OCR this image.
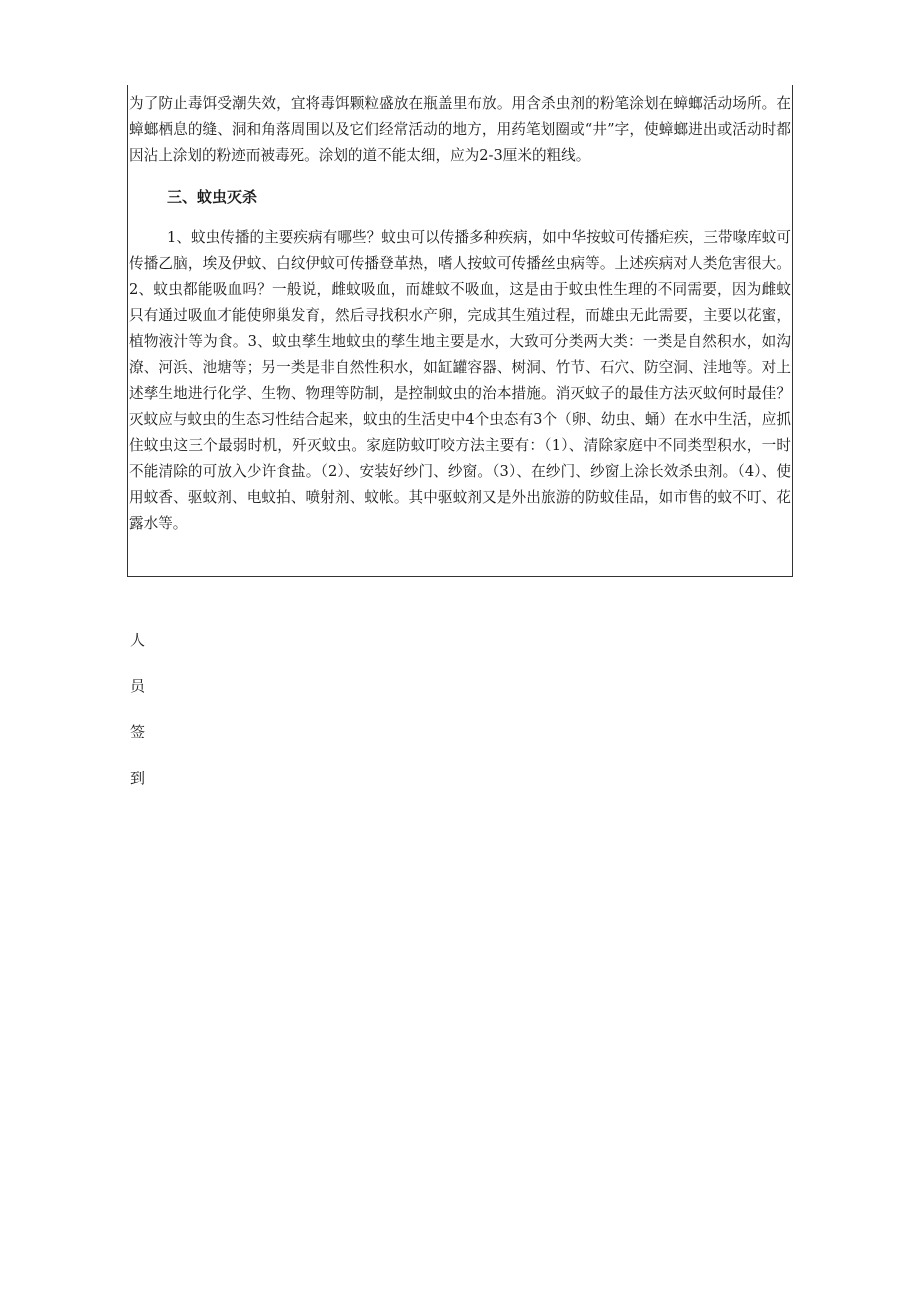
为了防止毒饵受潮失效，宜将毒饵颗粒盛放在瓶盖里布放。用含杀虫剂的粉笔涂划在蟑螂活动场所。在蟑螂栖息的缝、洞和角落周围以及它们经常活动的地方，用药笔划圈或“井”字，使蟑螂进出或活动时都因沾上涂划的粉迹而被毒死。涂划的道不能太细，应为2-3厘米的粗线。

三、蚊虫灭杀

1、蚊虫传播的主要疾病有哪些？蚊虫可以传播多种疾病，如中华按蚊可传播疟疾，三带喙库蚊可传播乙脑，埃及伊蚊、白纹伊蚊可传播登革热，嗜人按蚊可传播丝虫病等。上述疾病对人类危害很大。2、蚊虫都能吸血吗？一般说，雌蚊吸血，而雄蚊不吸血，这是由于蚊虫性生理的不同需要，因为雌蚊只有通过吸血才能使卵巢发育，然后寻找积水产卵，完成其生殖过程，而雄虫无此需要，主要以花蜜，植物液汁等为食。3、蚊虫孳生地蚊虫的孳生地主要是水，大致可分类两大类：一类是自然积水，如沟潦、河浜、池塘等；另一类是非自然性积水，如缸罐容器、树洞、竹节、石穴、防空洞、洼地等。对上述孳生地进行化学、生物、物理等防制，是控制蚊虫的治本措施。消灭蚊子的最佳方法灭蚊何时最佳？灭蚊应与蚊虫的生态习性结合起来，蚊虫的生活史中4个虫态有3个（卵、幼虫、蛹）在水中生活，应抓住蚊虫这三个最弱时机，歼灭蚊虫。家庭防蚊叮咬方法主要有：（1）、清除家庭中不同类型积水，一时不能清除的可放入少许食盐。（2）、安装好纱门、纱窗。（3）、在纱门、纱窗上涂长效杀虫剂。（4）、使用蚊香、驱蚊剂、电蚊拍、喷射剂、蚊帐。其中驱蚊剂又是外出旅游的防蚊佳品，如市售的蚊不叮、花露水等。

人
员
签
到
